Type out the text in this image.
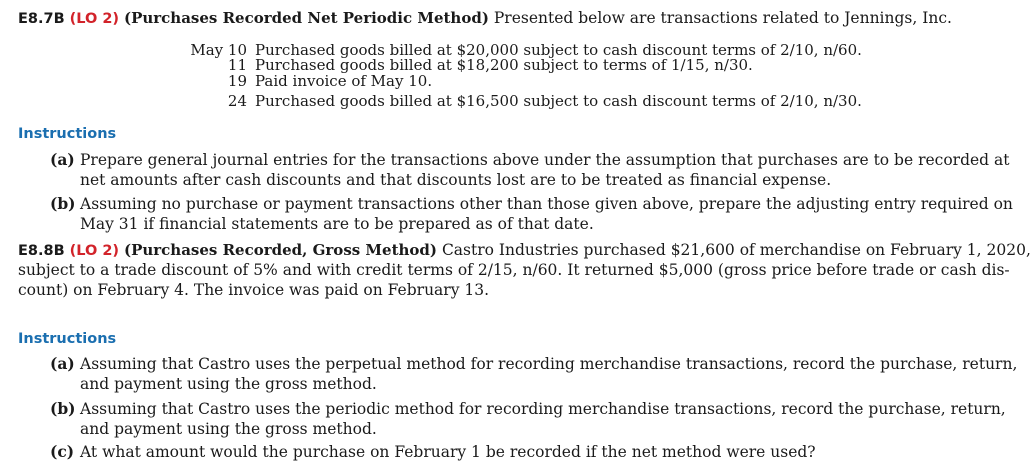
E8.7B (LO 2) (Purchases Recorded Net Periodic Method) Presented below are transactions related to Jennings, Inc.
May 10 Purchased goods billed at $20,000 subject to cash discount terms of 2/10, n/60.
11 Purchased goods billed at $18,200 subject to terms of 1/15, n/30.
19 Paid invoice of May 10.
24 Purchased goods billed at $16,500 subject to cash discount terms of 2/10, n/30.
Instructions
(a) Prepare general journal entries for the transactions above under the assumption that purchases are to be recorded at
net amounts after cash discounts and that discounts lost are to be treated as financial expense.
(b) Assuming no purchase or payment transactions other than those given above, prepare the adjusting entry required on
May 31 if financial statements are to be prepared as of that date.
E8.8B (LO 2) (Purchases Recorded, Gross Method) Castro Industries purchased $21,600 of merchandise on February 1, 2020,
subject to a trade discount of 5% and with credit terms of 2/15, n/60. It returned $5,000 (gross price before trade or cash dis-
count) on February 4. The invoice was paid on February 13.
Instructions
(a) Assuming that Castro uses the perpetual method for recording merchandise transactions, record the purchase, return,
and payment using the gross method.
(b) Assuming that Castro uses the periodic method for recording merchandise transactions, record the purchase, return,
and payment using the gross method.
(c) At what amount would the purchase on February 1 be recorded if the net method were used?
